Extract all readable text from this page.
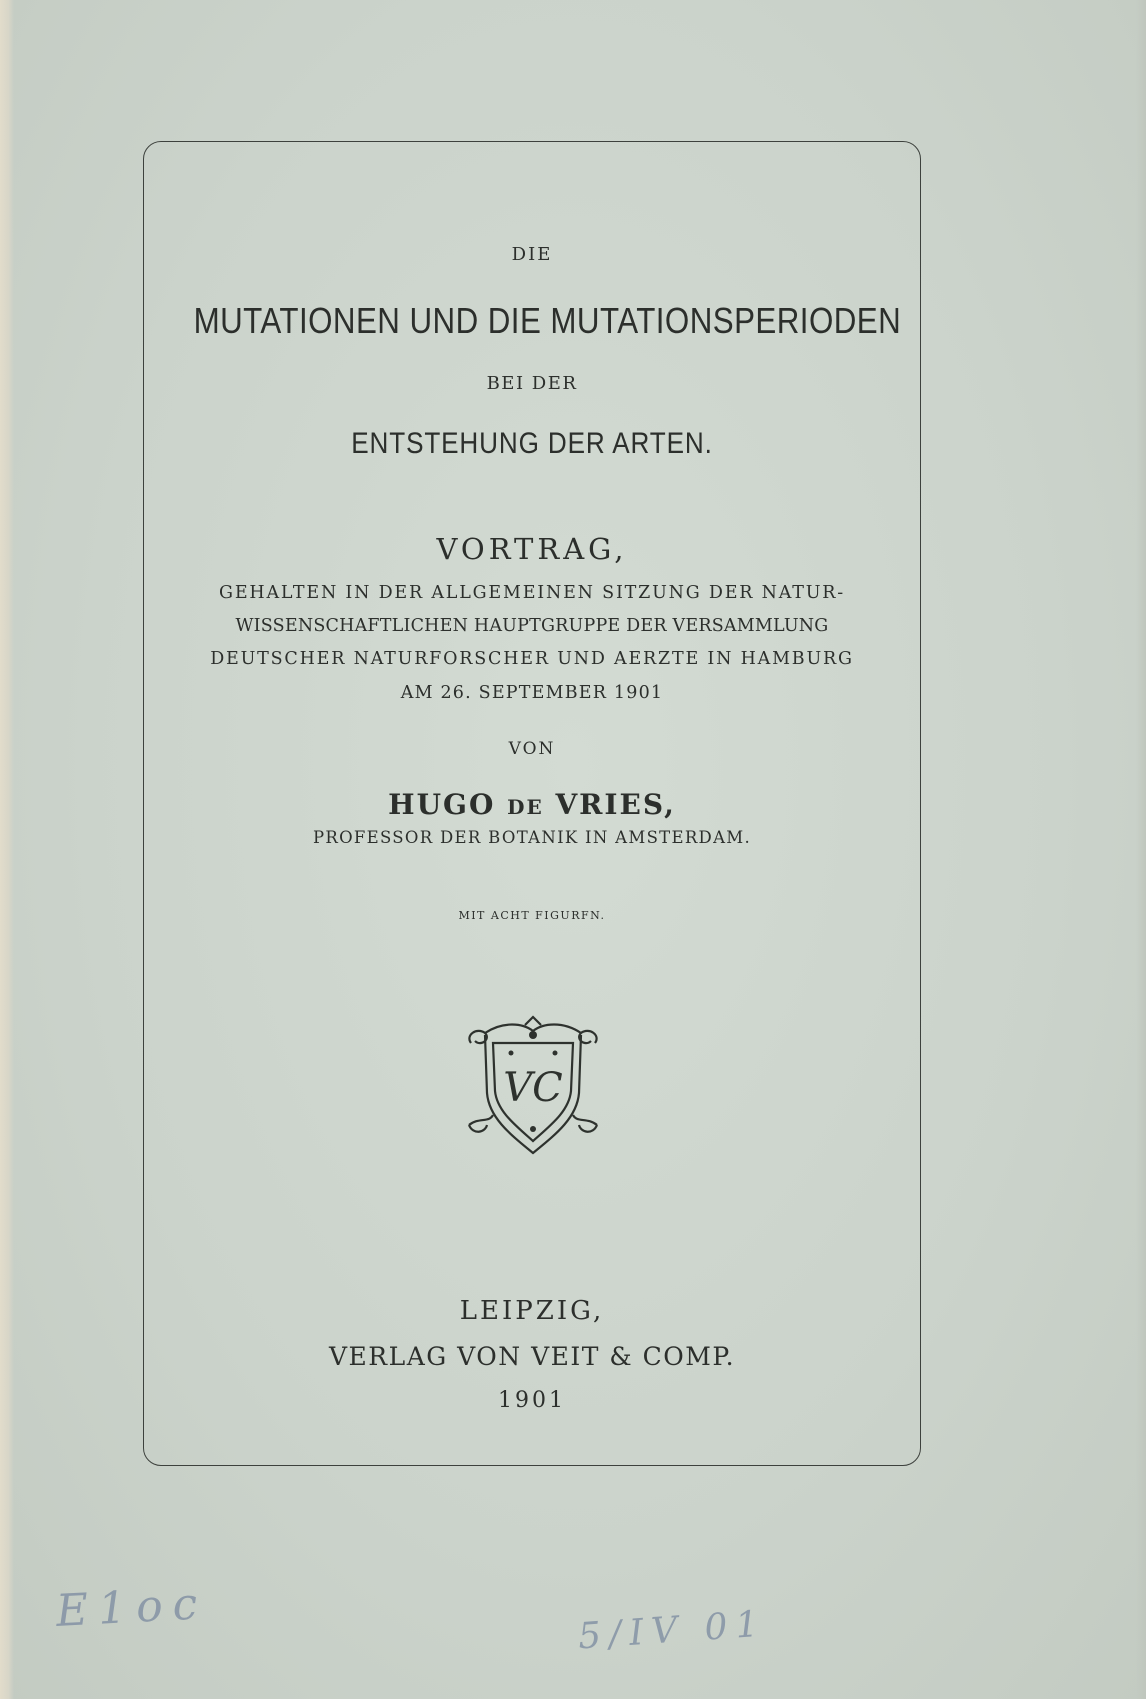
DIE
MUTATIONEN UND DIE MUTATIONSPERIODEN
BEI DER
ENTSTEHUNG DER ARTEN.
VORTRAG,
GEHALTEN IN DER ALLGEMEINEN SITZUNG DER NATUR-
WISSENSCHAFTLICHEN HAUPTGRUPPE DER VERSAMMLUNG
DEUTSCHER NATURFORSCHER UND AERZTE IN HAMBURG
AM 26. SEPTEMBER 1901
VON
HUGO DE VRIES,
PROFESSOR DER BOTANIK IN AMSTERDAM.
MIT ACHT FIGURFN.
VC
LEIPZIG,
VERLAG VON VEIT & COMP.
1901
E1oc	5/IV 01
